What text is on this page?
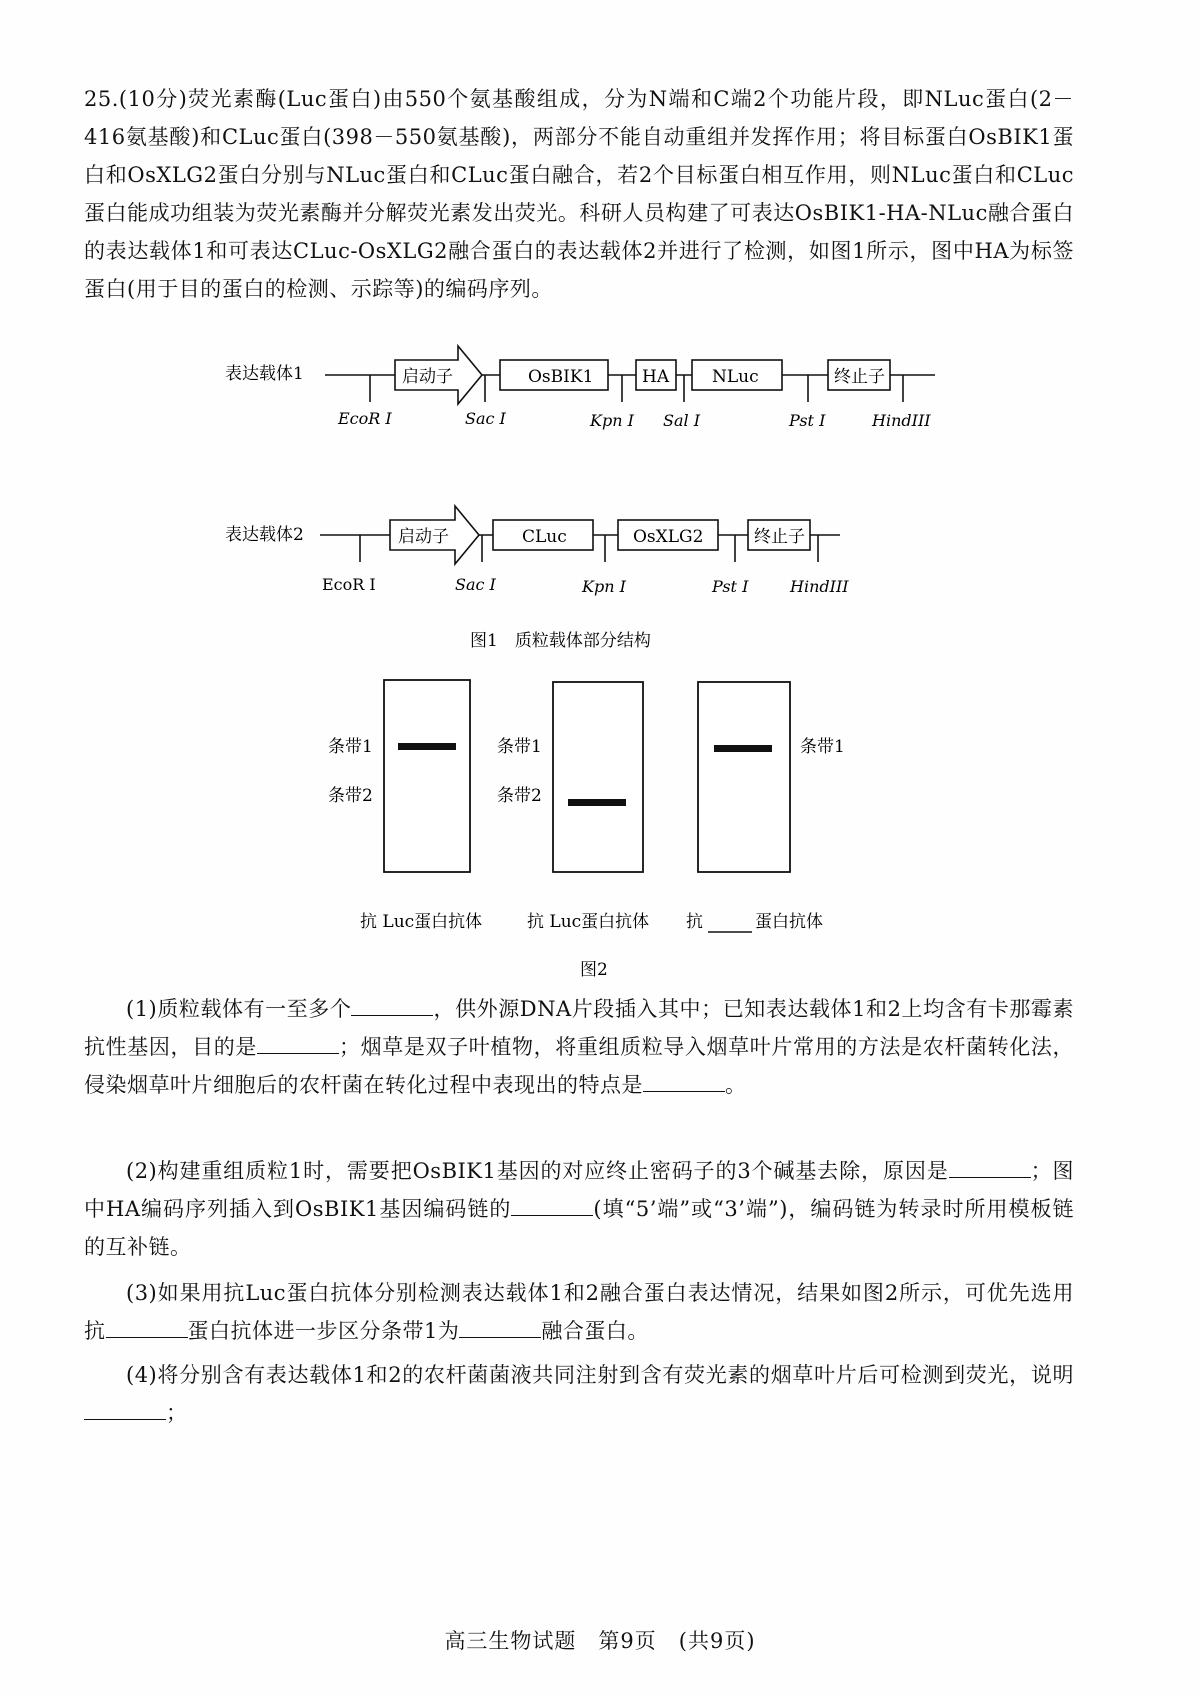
25.(10分)荧光素酶(Luc蛋白)由550个氨基酸组成，分为N端和C端2个功能片段，即NLuc蛋白(2－416氨基酸)和CLuc蛋白(398－550氨基酸)，两部分不能自动重组并发挥作用；将目标蛋白OsBIK1蛋白和OsXLG2蛋白分别与NLuc蛋白和CLuc蛋白融合，若2个目标蛋白相互作用，则NLuc蛋白和CLuc蛋白能成功组装为荧光素酶并分解荧光素发出荧光。科研人员构建了可表达OsBIK1-HA-NLuc融合蛋白的表达载体1和可表达CLuc-OsXLG2融合蛋白的表达载体2并进行了检测，如图1所示，图中HA为标签蛋白(用于目的蛋白的检测、示踪等)的编码序列。

表达载体1	启动子	OsBIK1	HA	NLuc	终止子
EcoR I	Sac I	Kpn I Sal I	Pst I	HindIII
表达载体2	启动子	CLuc	OsXLG2	终止子
EcoR I	Sac I	Kpn I	Pst I	HindIII
图1　质粒载体部分结构
条带1
条带2
抗 Luc蛋白抗体
条带1
条带2
抗 Luc蛋白抗体
条带1
抗	蛋白抗体
图2

(1)质粒载体有一至多个	，供外源DNA片段插入其中；已知表达载体1和2上均含有卡那霉素抗性基因，目的是	；烟草是双子叶植物，将重组质粒导入烟草叶片常用的方法是农杆菌转化法，侵染烟草叶片细胞后的农杆菌在转化过程中表现出的特点是	。

(2)构建重组质粒1时，需要把OsBIK1基因的对应终止密码子的3个碱基去除，原因是	；图中HA编码序列插入到OsBIK1基因编码链的	(填“5’端”或“3’端”)，编码链为转录时所用模板链的互补链。

(3)如果用抗Luc蛋白抗体分别检测表达载体1和2融合蛋白表达情况，结果如图2所示，可优先选用抗	蛋白抗体进一步区分条带1为	融合蛋白。

(4)将分别含有表达载体1和2的农杆菌菌液共同注射到含有荧光素的烟草叶片后可检测到荧光，说明；

高三生物试题　第9页　(共9页)
